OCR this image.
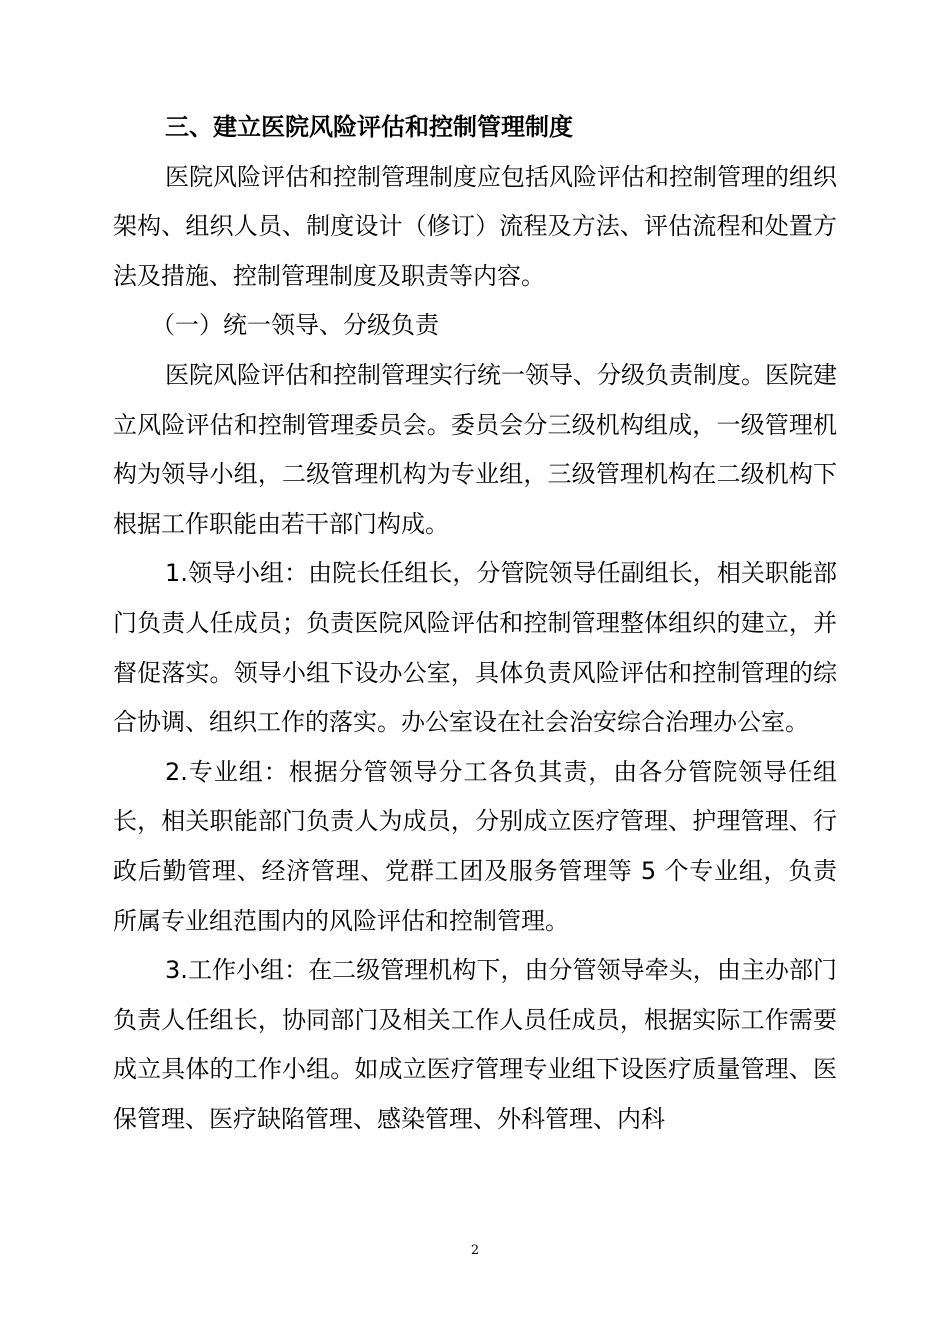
三、建立医院风险评估和控制管理制度

医院风险评估和控制管理制度应包括风险评估和控制管理的组织架构、组织人员、制度设计（修订）流程及方法、评估流程和处置方法及措施、控制管理制度及职责等内容。

（一）统一领导、分级负责

医院风险评估和控制管理实行统一领导、分级负责制度。医院建立风险评估和控制管理委员会。委员会分三级机构组成，一级管理机构为领导小组，二级管理机构为专业组，三级管理机构在二级机构下根据工作职能由若干部门构成。

1.领导小组：由院长任组长，分管院领导任副组长，相关职能部门负责人任成员；负责医院风险评估和控制管理整体组织的建立，并督促落实。领导小组下设办公室，具体负责风险评估和控制管理的综合协调、组织工作的落实。办公室设在社会治安综合治理办公室。

2.专业组：根据分管领导分工各负其责，由各分管院领导任组长，相关职能部门负责人为成员，分别成立医疗管理、护理管理、行政后勤管理、经济管理、党群工团及服务管理等 5 个专业组，负责所属专业组范围内的风险评估和控制管理。

3.工作小组：在二级管理机构下，由分管领导牵头，由主办部门负责人任组长，协同部门及相关工作人员任成员，根据实际工作需要成立具体的工作小组。如成立医疗管理专业组下设医疗质量管理、医保管理、医疗缺陷管理、感染管理、外科管理、内科

2
